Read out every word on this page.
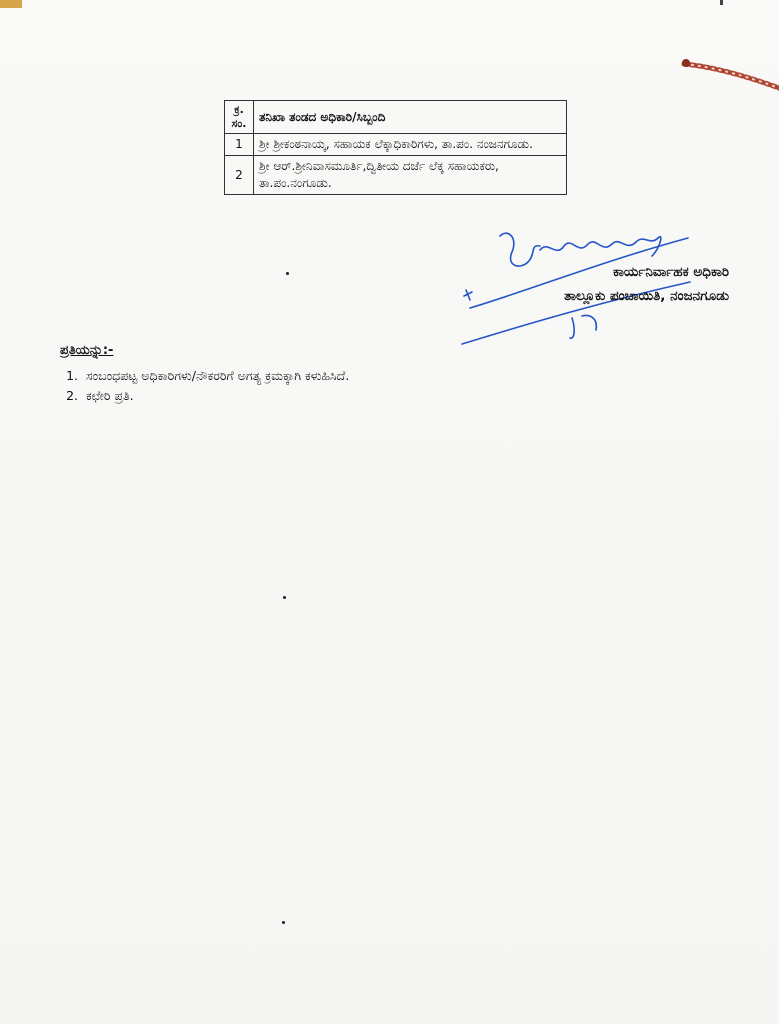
ಕ್ರ.
ಸಂ.	ತನಿಖಾ ತಂಡದ ಅಧಿಕಾರಿ/ಸಿಬ್ಬಂದಿ
1	ಶ್ರೀ ಶ್ರೀಕಂಠನಾಯ್ಕ, ಸಹಾಯಕ ಲೆಕ್ಕಾಧಿಕಾರಿಗಳು, ತಾ.ಪಂ. ನಂಜನಗೂಡು.
2	ಶ್ರೀ ಆರ್.ಶ್ರೀನಿವಾಸಮೂರ್ತಿ,ದ್ವಿತೀಯ ದರ್ಜೆ ಲೆಕ್ಕ ಸಹಾಯಕರು, ತಾ.ಪಂ.ನಂಗೂಡು.
ಕಾರ್ಯನಿರ್ವಾಹಕ ಅಧಿಕಾರಿ
ತಾಲ್ಲೂಕು ಪಂಚಾಯಿತಿ, ನಂಜನಗೂಡು
ಪ್ರತಿಯನ್ನು:-
1. ಸಂಬಂಧಪಟ್ಟ ಅಧಿಕಾರಿಗಳು/ನೌಕರರಿಗೆ ಅಗತ್ಯ ಕ್ರಮಕ್ಕಾಗಿ ಕಳುಹಿಸಿದೆ.
2. ಕಛೇರಿ ಪ್ರತಿ.
